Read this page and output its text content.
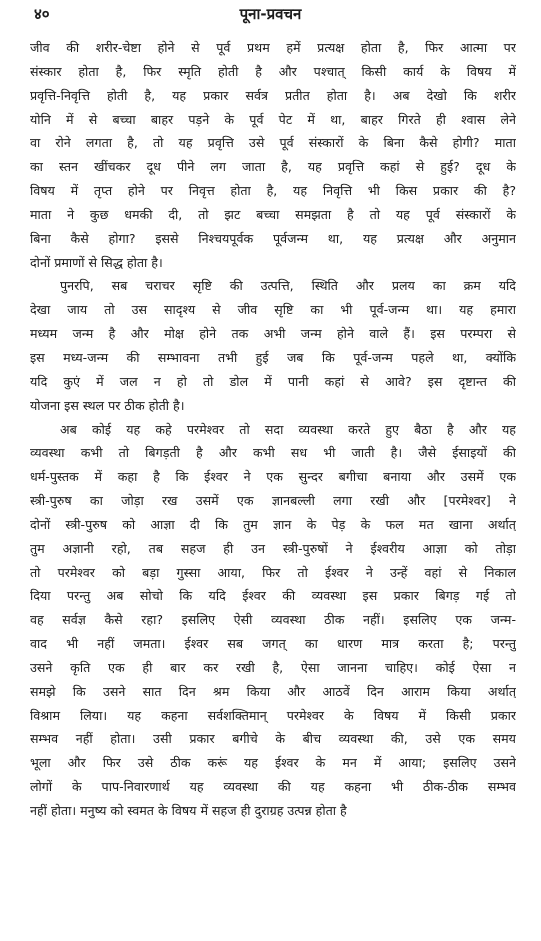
४०	पूना-प्रवचन
जीव की शरीर-चेष्टा होने से पूर्व प्रथम हमें प्रत्यक्ष होता है, फिर आत्मा पर
संस्कार होता है, फिर स्मृति होती है और पश्चात् किसी कार्य के विषय में
प्रवृत्ति-निवृत्ति होती है, यह प्रकार सर्वत्र प्रतीत होता है। अब देखो कि शरीर
योनि में से बच्चा बाहर पड़ने के पूर्व पेट में था, बाहर गिरते ही श्वास लेने
वा रोने लगता है, तो यह प्रवृत्ति उसे पूर्व संस्कारों के बिना कैसे होगी? माता
का स्तन खींचकर दूध पीने लग जाता है, यह प्रवृत्ति कहां से हुई? दूध के
विषय में तृप्त होने पर निवृत्त होता है, यह निवृत्ति भी किस प्रकार की है?
माता ने कुछ धमकी दी, तो झट बच्चा समझता है तो यह पूर्व संस्कारों के
बिना कैसे होगा? इससे निश्चयपूर्वक पूर्वजन्म था, यह प्रत्यक्ष और अनुमान
दोनों प्रमाणों से सिद्ध होता है।
पुनरपि, सब चराचर सृष्टि की उत्पत्ति, स्थिति और प्रलय का क्रम यदि
देखा जाय तो उस सादृश्य से जीव सृष्टि का भी पूर्व-जन्म था। यह हमारा
मध्यम जन्म है और मोक्ष होने तक अभी जन्म होने वाले हैं। इस परम्परा से
इस मध्य-जन्म की सम्भावना तभी हुई जब कि पूर्व-जन्म पहले था, क्योंकि
यदि कुएं में जल न हो तो डोल में पानी कहां से आवे? इस दृष्टान्त की
योजना इस स्थल पर ठीक होती है।
अब कोई यह कहे परमेश्वर तो सदा व्यवस्था करते हुए बैठा है और यह
व्यवस्था कभी तो बिगड़ती है और कभी सध भी जाती है। जैसे ईसाइयों की
धर्म-पुस्तक में कहा है कि ईश्वर ने एक सुन्दर बगीचा बनाया और उसमें एक
स्त्री-पुरुष का जोड़ा रख उसमें एक ज्ञानबल्ली लगा रखी और [परमेश्वर] ने
दोनों स्त्री-पुरुष को आज्ञा दी कि तुम ज्ञान के पेड़ के फल मत खाना अर्थात्
तुम अज्ञानी रहो, तब सहज ही उन स्त्री-पुरुषों ने ईश्वरीय आज्ञा को तोड़ा
तो परमेश्वर को बड़ा गुस्सा आया, फिर तो ईश्वर ने उन्हें वहां से निकाल
दिया परन्तु अब सोचो कि यदि ईश्वर की व्यवस्था इस प्रकार बिगड़ गई तो
वह सर्वज्ञ कैसे रहा? इसलिए ऐसी व्यवस्था ठीक नहीं। इसलिए एक जन्म-
वाद भी नहीं जमता। ईश्वर सब जगत् का धारण मात्र करता है; परन्तु
उसने कृति एक ही बार कर रखी है, ऐसा जानना चाहिए। कोई ऐसा न
समझे कि उसने सात दिन श्रम किया और आठवें दिन आराम किया अर्थात्
विश्राम लिया। यह कहना सर्वशक्तिमान् परमेश्वर के विषय में किसी प्रकार
सम्भव नहीं होता। उसी प्रकार बगीचे के बीच व्यवस्था की, उसे एक समय
भूला और फिर उसे ठीक करूं यह ईश्वर के मन में आया; इसलिए उसने
लोगों के पाप-निवारणार्थ यह व्यवस्था की यह कहना भी ठीक-ठीक सम्भव
नहीं होता। मनुष्य को स्वमत के विषय में सहज ही दुराग्रह उत्पन्न होता है
